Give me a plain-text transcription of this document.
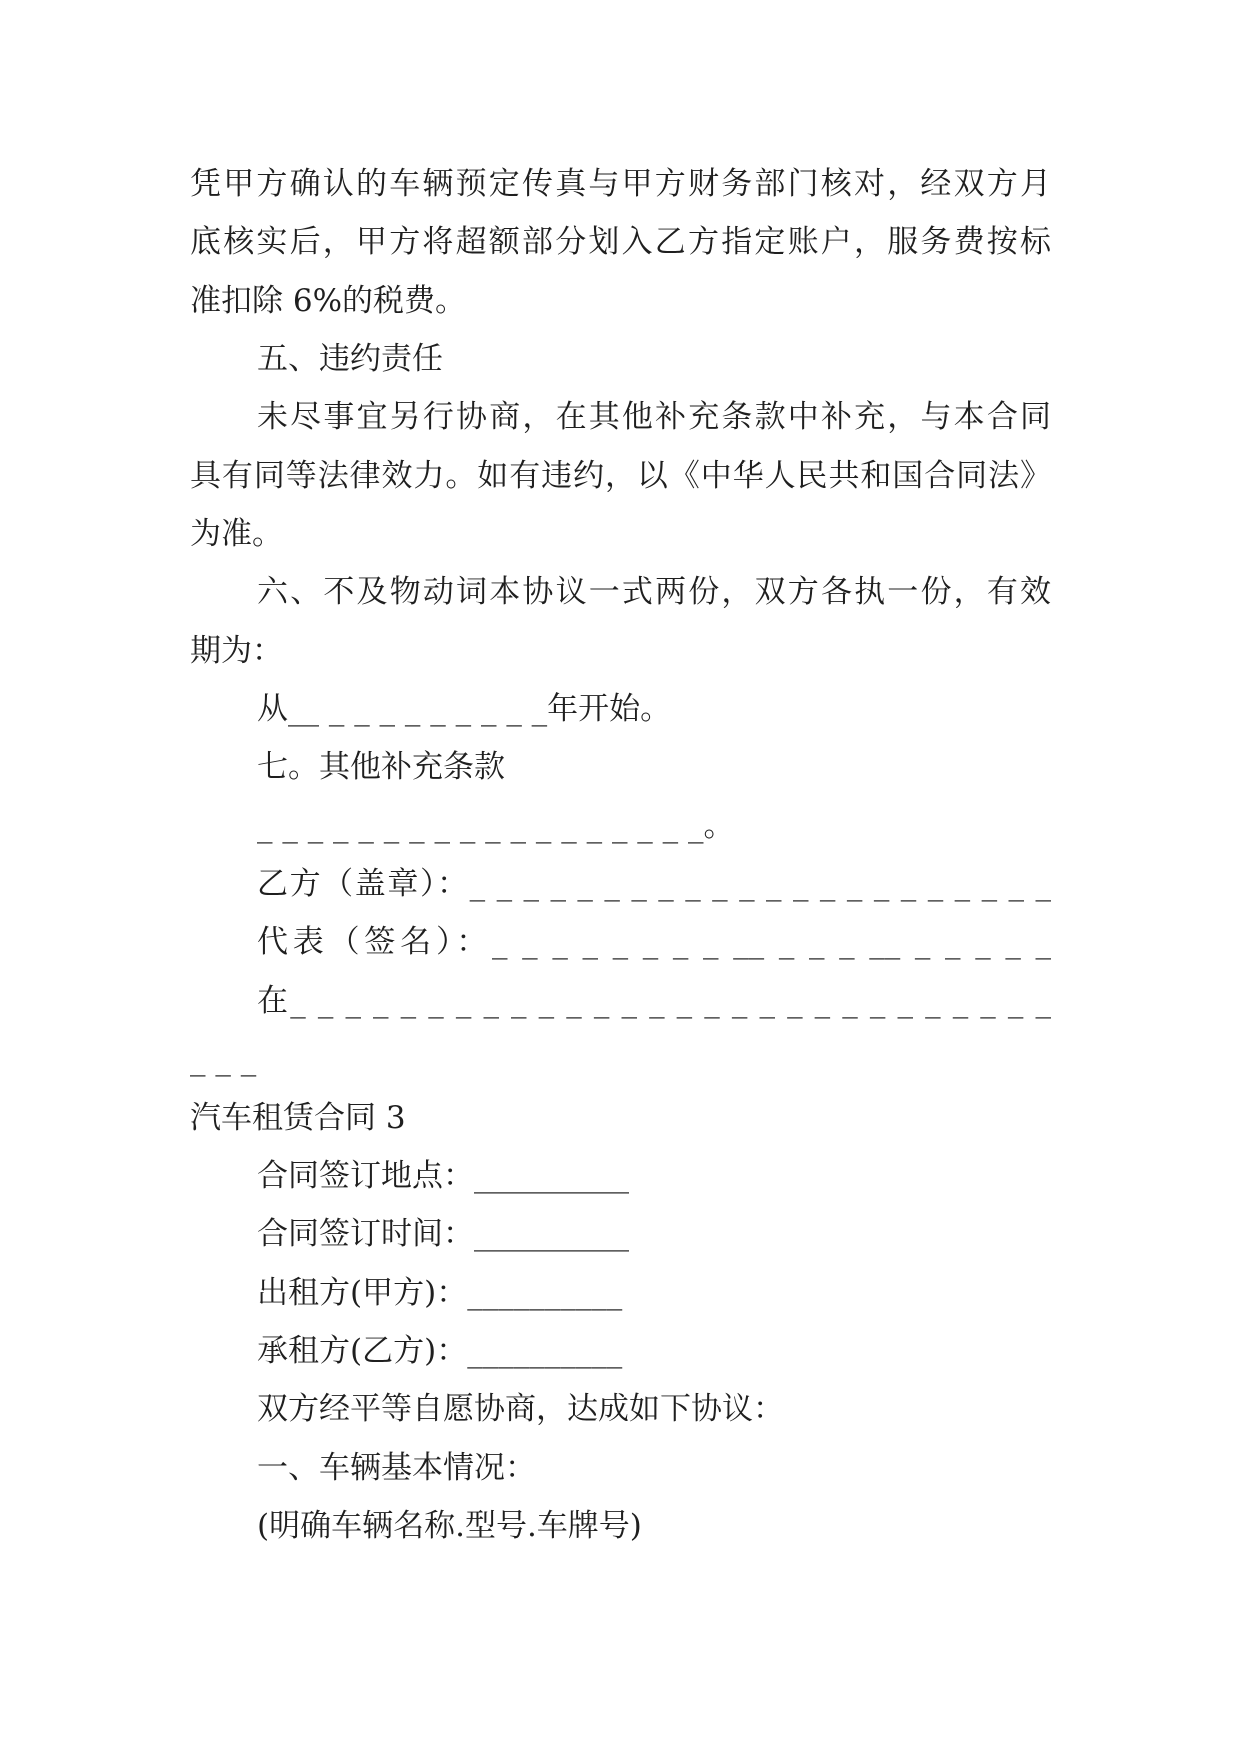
凭甲方确认的车辆预定传真与甲方财务部门核对，经双方月
底核实后，甲方将超额部分划入乙方指定账户，服务费按标
准扣除 6%的税费。
五、违约责任
未尽事宜另行协商，在其他补充条款中补充，与本合同
具有同等法律效力。如有违约，以《中华人民共和国合同法》
为准。
六、不及物动词本协议一式两份，双方各执一份，有效
期为：
从__ _ _ _ _ _ _ _ _ _年开始。
七。其他补充条款
_ _ _ _ _ _ _ _ _ _ _ _ _ _ _ _ _ _。
乙方（盖章）：_ _ _ _ _ _ _ _ _ _ _ _ _ _ _ _ _ _ _ _ _ _
代表（签名）：_ _ _ _ _ _ _ _ __ _ _ _ __ _ _ _ _ _
在_ _ _ _ _ _ _ _ _ _ _ _ _ _ _ _ _ _ _ _ _ _ _ _ _ _ _ _
_ _ _
汽车租赁合同 3
合同签订地点：__________
合同签订时间：__________
出租方(甲方)：__________
承租方(乙方)：__________
双方经平等自愿协商，达成如下协议：
一、车辆基本情况：
(明确车辆名称.型号.车牌号)
